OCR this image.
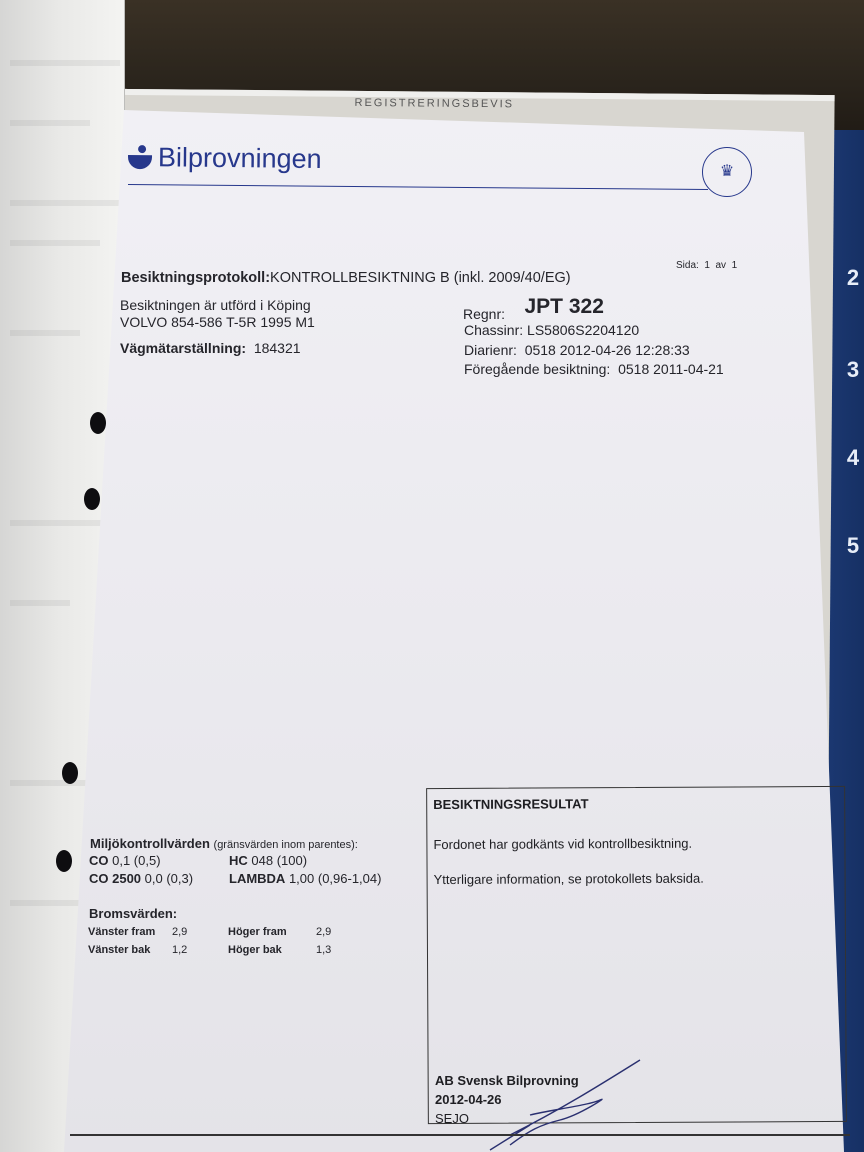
2
3
4
5
REGISTRERINGSBEVIS
Bilprovningen	♛
Sida: 1 av 1
Besiktningsprotokoll:KONTROLLBESIKTNING B (inkl. 2009/40/EG)
Besiktningen är utförd i Köping
VOLVO 854-586 T-5R 1995 M1
Vägmätarställning: 184321
Regnr: JPT 322
Chassinr: LS5806S2204120
Diarienr: 0518 2012-04-26 12:28:33
Föregående besiktning: 0518 2011-04-21
Miljökontrollvärden (gränsvärden inom parentes):
CO 0,1 (0,5)	HC 048 (100)
CO 2500 0,0 (0,3)	LAMBDA 1,00 (0,96-1,04)
Bromsvärden:
Vänster fram 2,9	Höger fram	2,9
Vänster bak 1,2	Höger bak	1,3
BESIKTNINGSRESULTAT
Fordonet har godkänts vid kontrollbesiktning.
Ytterligare information, se protokollets baksida.
AB Svensk Bilprovning
2012-04-26
SEJO
